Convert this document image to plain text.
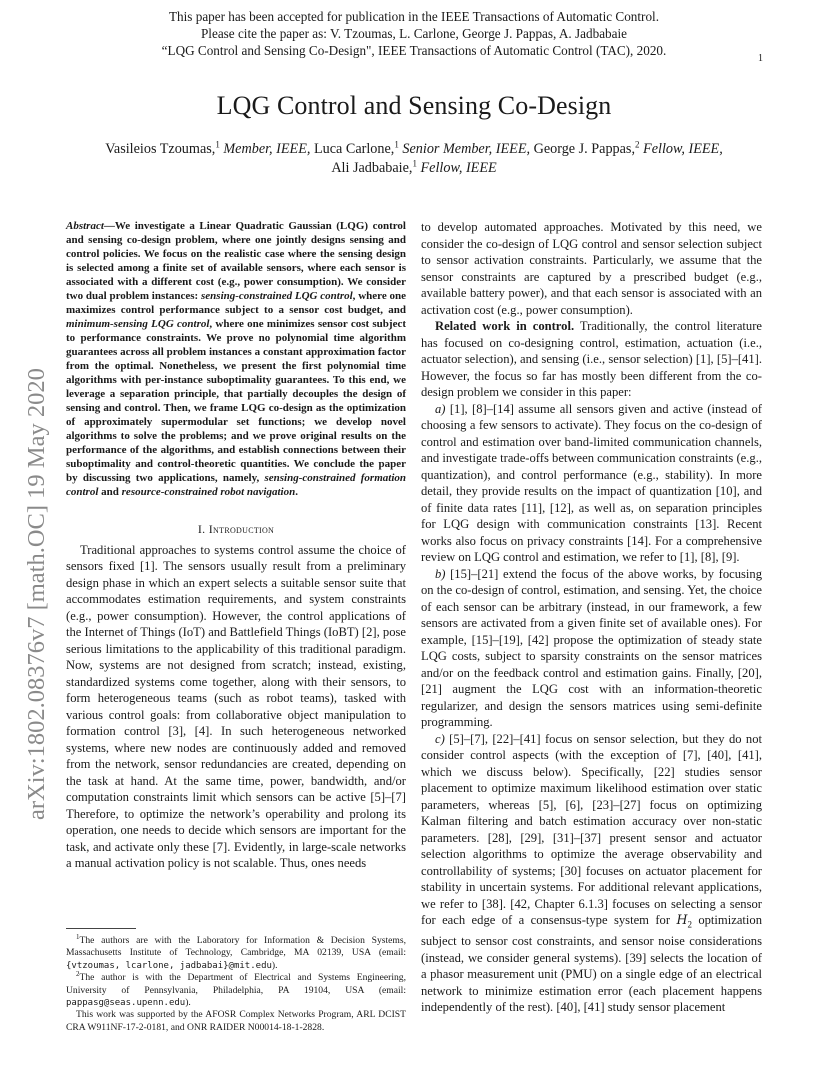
This paper has been accepted for publication in the IEEE Transactions of Automatic Control.
Please cite the paper as: V. Tzoumas, L. Carlone, George J. Pappas, A. Jadbabaie
“LQG Control and Sensing Co-Design", IEEE Transactions of Automatic Control (TAC), 2020.
1
LQG Control and Sensing Co-Design
Vasileios Tzoumas,$^1$ Member, IEEE, Luca Carlone,$^1$ Senior Member, IEEE, George J. Pappas,$^2$ Fellow, IEEE,
Ali Jadbabaie,$^1$ Fellow, IEEE
arXiv:1802.08376v7 [math.OC] 19 May 2020
Abstract—We investigate a Linear Quadratic Gaussian (LQG) control and sensing co-design problem, where one jointly designs sensing and control policies. We focus on the realistic case where the sensing design is selected among a finite set of available sensors, where each sensor is associated with a different cost (e.g., power consumption). We consider two dual problem instances: sensing-constrained LQG control, where one maximizes control performance subject to a sensor cost budget, and minimum-sensing LQG control, where one minimizes sensor cost subject to performance constraints. We prove no polynomial time algorithm guarantees across all problem instances a constant approximation factor from the optimal. Nonetheless, we present the first polynomial time algorithms with per-instance suboptimality guarantees. To this end, we leverage a separation principle, that partially decouples the design of sensing and control. Then, we frame LQG co-design as the optimization of approximately supermodular set functions; we develop novel algorithms to solve the problems; and we prove original results on the performance of the algorithms, and establish connections between their suboptimality and control-theoretic quantities. We conclude the paper by discussing two applications, namely, sensing-constrained formation control and resource-constrained robot navigation.
I. Introduction

Traditional approaches to systems control assume the choice of sensors fixed [1]. The sensors usually result from a preliminary design phase in which an expert selects a suitable sensor suite that accommodates estimation requirements, and system constraints (e.g., power consumption). However, the control applications of the Internet of Things (IoT) and Battlefield Things (IoBT) [2], pose serious limitations to the applicability of this traditional paradigm. Now, systems are not designed from scratch; instead, existing, standardized systems come together, along with their sensors, to form heterogeneous teams (such as robot teams), tasked with various control goals: from collaborative object manipulation to formation control [3], [4]. In such heterogeneous networked systems, where new nodes are continuously added and removed from the network, sensor redundancies are created, depending on the task at hand. At the same time, power, bandwidth, and/or computation constraints limit which sensors can be active [5]–[7] Therefore, to optimize the network’s operability and prolong its operation, one needs to decide which sensors are important for the task, and activate only these [7]. Evidently, in large-scale networks a manual activation policy is not scalable. Thus, ones needs

$^1$The authors are with the Laboratory for Information & Decision Systems, Massachusetts Institute of Technology, Cambridge, MA 02139, USA (email: {vtzoumas, lcarlone, jadbabai}@mit.edu).

$^2$The author is with the Department of Electrical and Systems Engineering, University of Pennsylvania, Philadelphia, PA 19104, USA (email: pappasg@seas.upenn.edu).

This work was supported by the AFOSR Complex Networks Program, ARL DCIST CRA W911NF-17-2-0181, and ONR RAIDER N00014-18-1-2828.

to develop automated approaches. Motivated by this need, we consider the co-design of LQG control and sensor selection subject to sensor activation constraints. Particularly, we assume that the sensor constraints are captured by a prescribed budget (e.g., available battery power), and that each sensor is associated with an activation cost (e.g., power consumption).

Related work in control. Traditionally, the control literature has focused on co-designing control, estimation, actuation (i.e., actuator selection), and sensing (i.e., sensor selection) [1], [5]–[41]. However, the focus so far has mostly been different from the co-design problem we consider in this paper:

a) [1], [8]–[14] assume all sensors given and active (instead of choosing a few sensors to activate). They focus on the co-design of control and estimation over band-limited communication channels, and investigate trade-offs between communication constraints (e.g., quantization), and control performance (e.g., stability). In more detail, they provide results on the impact of quantization [10], and of finite data rates [11], [12], as well as, on separation principles for LQG design with communication constraints [13]. Recent works also focus on privacy constraints [14]. For a comprehensive review on LQG control and estimation, we refer to [1], [8], [9].

b) [15]–[21] extend the focus of the above works, by focusing on the co-design of control, estimation, and sensing. Yet, the choice of each sensor can be arbitrary (instead, in our framework, a few sensors are activated from a given finite set of available ones). For example, [15]–[19], [42] propose the optimization of steady state LQG costs, subject to sparsity constraints on the sensor matrices and/or on the feedback control and estimation gains. Finally, [20], [21] augment the LQG cost with an information-theoretic regularizer, and design the sensors matrices using semi-definite programming.

c) [5]–[7], [22]–[41] focus on sensor selection, but they do not consider control aspects (with the exception of [7], [40], [41], which we discuss below). Specifically, [22] studies sensor placement to optimize maximum likelihood estimation over static parameters, whereas [5], [6], [23]–[27] focus on optimizing Kalman filtering and batch estimation accuracy over non-static parameters. [28], [29], [31]–[37] present sensor and actuator selection algorithms to optimize the average observability and controllability of systems; [30] focuses on actuator placement for stability in uncertain systems. For additional relevant applications, we refer to [38]. [42, Chapter 6.1.3] focuses on selecting a sensor for each edge of a consensus-type system for $H_2$ optimization subject to sensor cost constraints, and sensor noise considerations (instead, we consider general systems). [39] selects the location of a phasor measurement unit (PMU) on a single edge of an electrical network to minimize estimation error (each placement happens independently of the rest). [40], [41] study sensor placement
